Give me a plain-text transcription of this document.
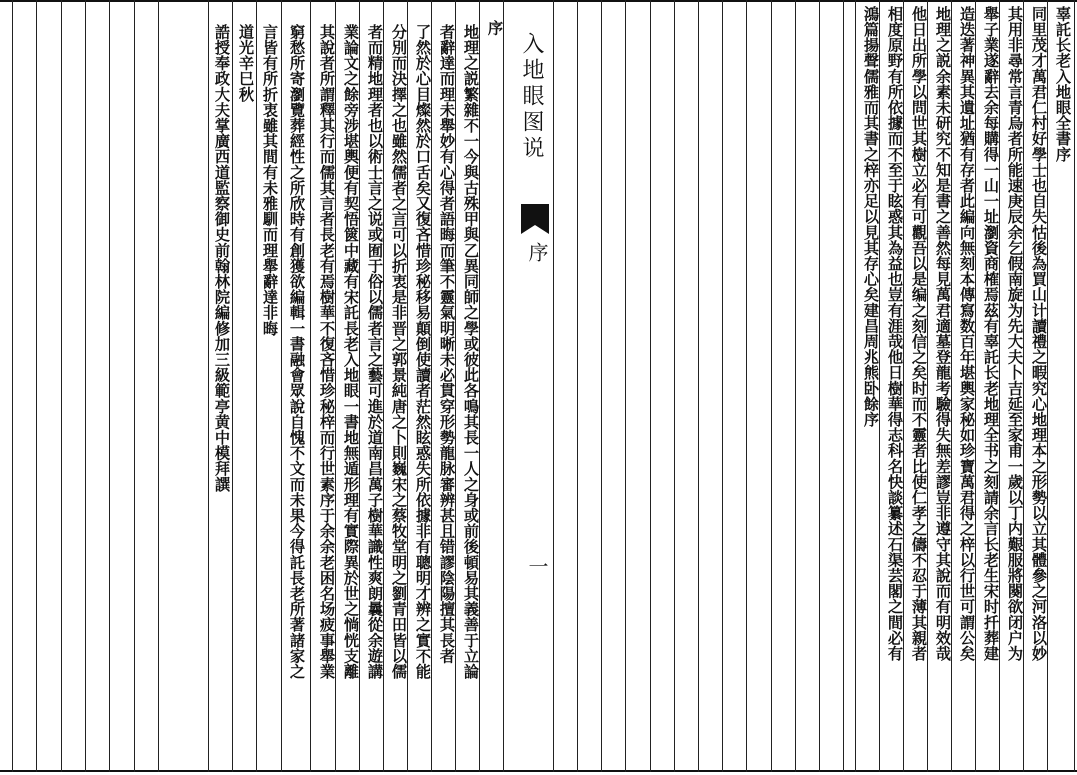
辜託长老入地眼全書序
同里茂才萬君仁村好學士也自失怙後為買山计讀禮之暇究心地理本之形勢以立其體參之河洛以妙
其用非尋常言青烏者所能速庚辰余乞假南旋为先大夫卜吉延至家甫一歲以丁内艱服將闋欲闭户为
舉子業遂辭去余每購得一山一址瀏資商榷焉茲有辜託长老地理全书之刻請余言长老生宋时扦葬建
造迭著神異其遺址猶有存者此編向無刻本傳寫数百年堪輿家秘如珍寶萬君得之梓以行世可謂公矣
地理之説余素未研究不知是書之善然每見萬君適墓登龍考驗得失無差謬豈非遵守其說而有明效哉
他日出所學以問世其樹立必有可觀吾以是编之刻信之矣时而不靈者比使仁孝之儔不忍于薄其親者
相度原野有所依據而不至于眩惑其為益也豈有涯哉他日樹華得志科名快談纂述石渠芸閣之間必有
鴻篇揚聲儒雅而其書之梓亦足以見其存心矣建昌周兆熊卧餘序
入地眼图说
序
一
序
地理之説繁雜不一今與古殊甲與乙異同師之學或彼此各鳴其長一人之身或前後頓易其義善于立論
者辭達而理未舉妙有心得者語晦而筆不靈氣明晰未必貫穿形勢龍脉審辨甚且错謬陰陽擅其長者
了然於心目燦然於口舌矣又復吝惜珍秘移易顛倒使讀者茫然眩惑失所依據非有聰明才辨之實不能
分別而決擇之也雖然儒者之言可以折衷是非晋之郭景純唐之卜則巍宋之蔡牧堂明之劉青田皆以儒
者而精地理者也以術士言之说或囿于俗以儒者言之藝可進於道南昌萬子樹華識性爽朗曩從余遊講
業論文之餘旁涉堪輿便有契悟篋中藏有宋託長老入地眼一書地無遁形理有實際異於世之惝恍支離
其說者所謂釋其行而儒其言者長老有焉樹華不復吝惜珍秘梓而行世素序于余余老困名场疲事舉業
窮愁所寄瀏覽葬經性之所欣時有創獲欲編輯一書融會眾說自愧不文而未果今得託長老所著諸家之
言皆有所折衷雖其間有未雅馴而理舉辭達非晦
道光辛巳秋
誥授奉政大夫掌廣西道監察御史前翰林院編修加三級範亭黄中模拜譔
